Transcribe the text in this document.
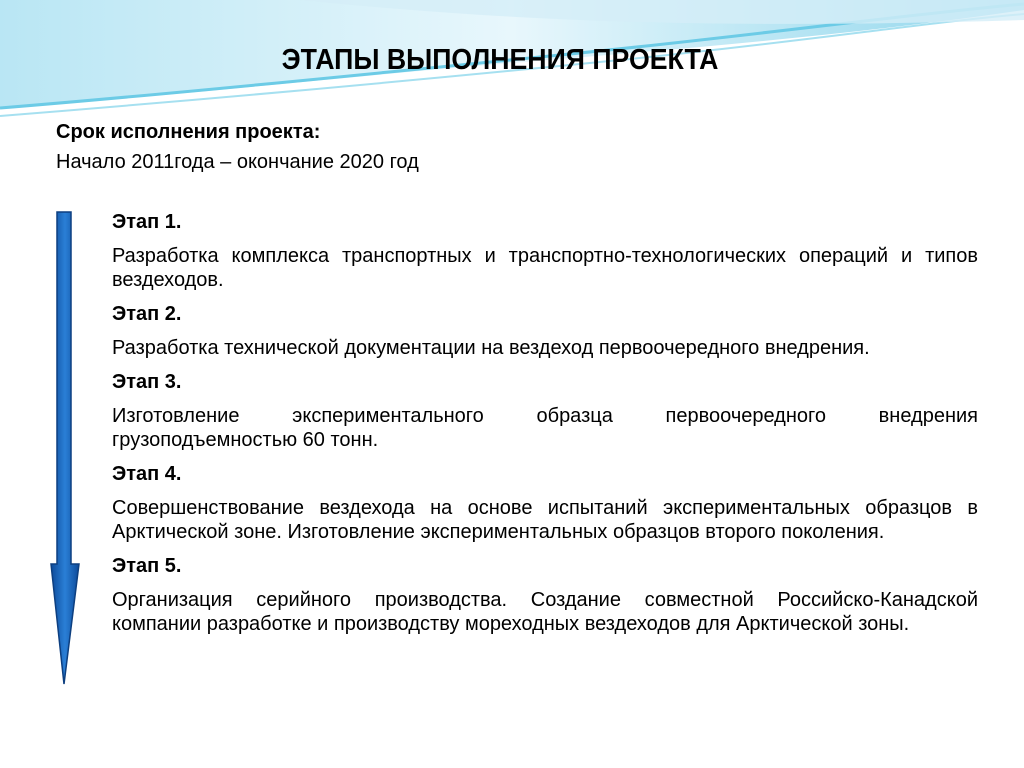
ЭТАПЫ ВЫПОЛНЕНИЯ ПРОЕКТА
Срок исполнения проекта:
Начало 2011года – окончание 2020 год
Этап 1.
Разработка комплекса транспортных и транспортно-технологических операций и типов вездеходов.
Этап 2.
Разработка технической документации на вездеход первоочередного внедрения.
Этап 3.
Изготовление экспериментального образца первоочередного внедрения грузоподъемностью 60 тонн.
Этап 4.
Совершенствование вездехода на основе испытаний экспериментальных образцов в Арктической зоне. Изготовление экспериментальных образцов второго поколения.
Этап 5.
Организация серийного производства. Создание совместной Российско-Канадской компании разработке и производству мореходных вездеходов для Арктической зоны.
